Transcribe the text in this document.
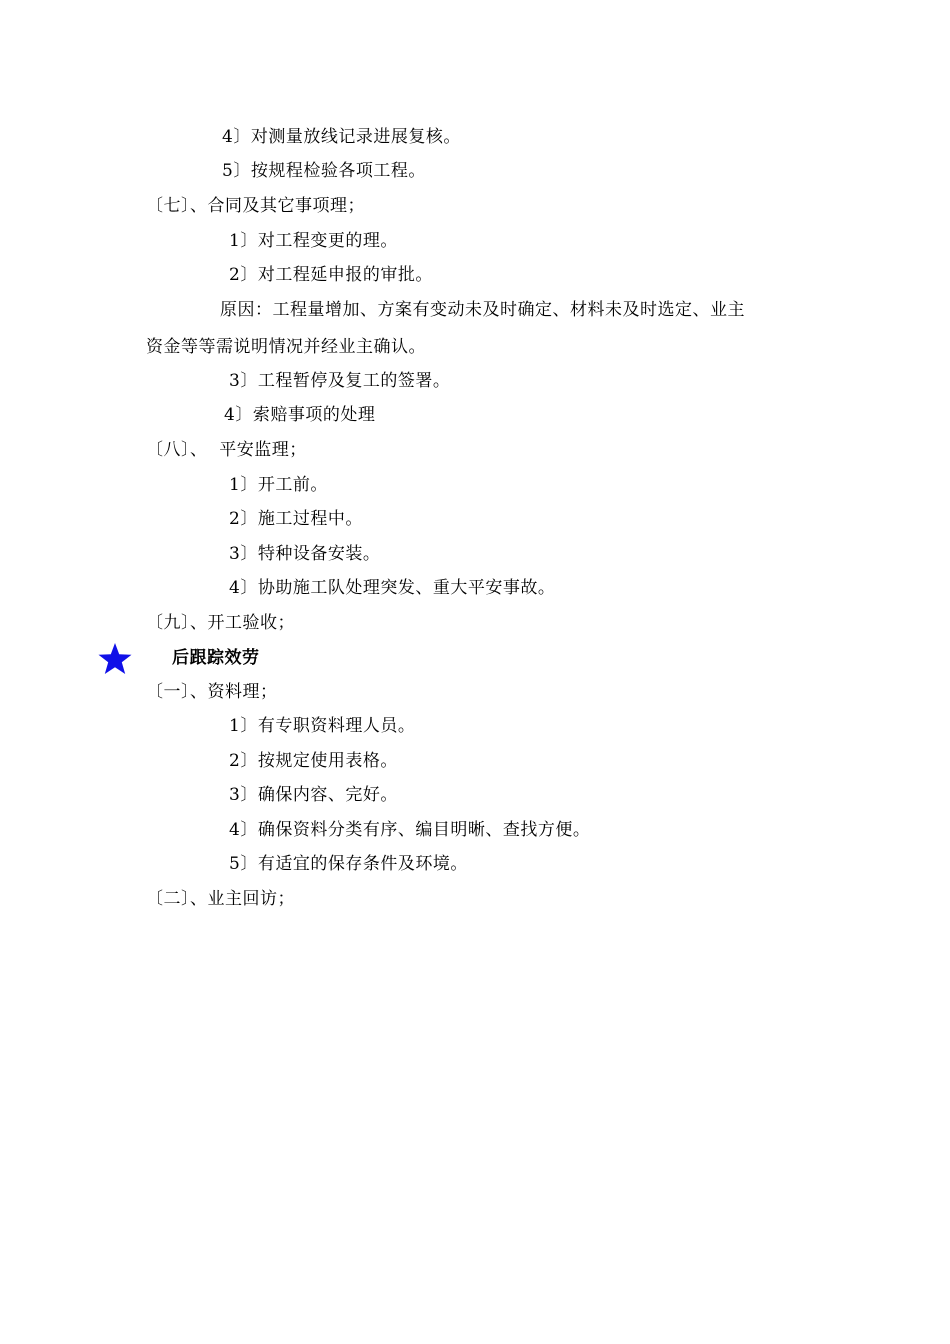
4〕对测量放线记录进展复核。
5〕按规程检验各项工程。
〔七〕、合同及其它事项理；
1〕对工程变更的理。
2〕对工程延申报的审批。
原因：工程量增加、方案有变动未及时确定、材料未及时选定、业主
资金等等需说明情况并经业主确认。
3〕工程暂停及复工的签署。
4〕索赔事项的处理
〔八〕、  平安监理；
1〕开工前。
2〕施工过程中。
3〕特种设备安装。
4〕协助施工队处理突发、重大平安事故。
〔九〕、开工验收；
后跟踪效劳
〔一〕、资料理；
1〕有专职资料理人员。
2〕按规定使用表格。
3〕确保内容、完好。
4〕确保资料分类有序、编目明晰、查找方便。
5〕有适宜的保存条件及环境。
〔二〕、业主回访；
